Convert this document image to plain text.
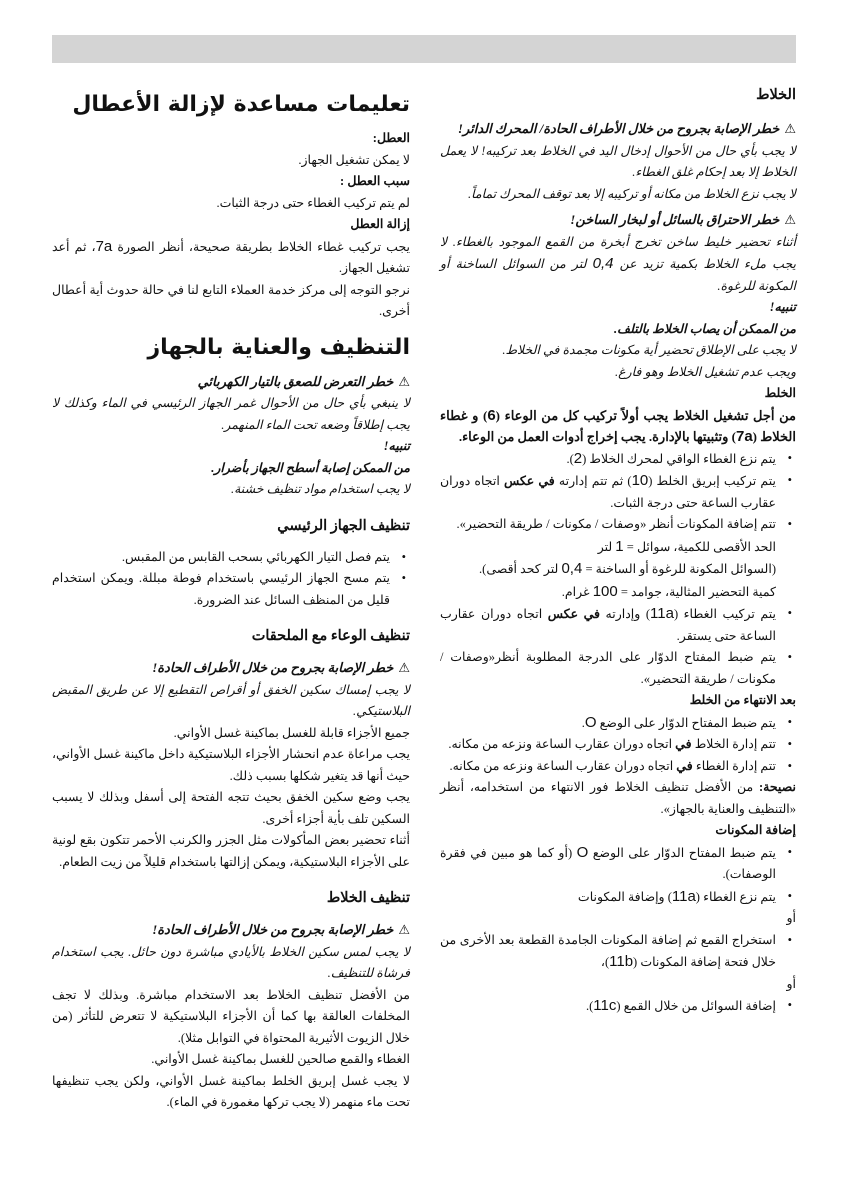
تعليمات مساعدة لإزالة الأعطال
العطل:
لا يمكن تشغيل الجهاز.
سبب العطل :
لم يتم تركيب الغطاء حتى درجة الثبات.
إزالة العطل
يجب تركيب غطاء الخلاط بطريقة صحيحة، أنظر الصورة 7a، ثم أعد تشغيل الجهاز.
نرجو التوجه إلى مركز خدمة العملاء التابع لنا في حالة حدوث أية أعطال أخرى.
التنظيف والعناية بالجهاز
⚠خطر التعرض للصعق بالتيار الكهربائي
لا ينبغي بأي حال من الأحوال غمر الجهاز الرئيسي في الماء وكذلك لا يجب إطلاقاً وضعه تحت الماء المنهمر.
تنبيه!
من الممكن إصابة أسطح الجهاز بأضرار.
لا يجب استخدام مواد تنظيف خشنة.
تنظيف الجهاز الرئيسي
• يتم فصل التيار الكهربائي بسحب القابس من المقبس.
• يتم مسح الجهاز الرئيسي باستخدام فوطة مبللة. ويمكن استخدام قليل من المنظف السائل عند الضرورة.
تنظيف الوعاء مع الملحقات
⚠خطر الإصابة بجروح من خلال الأطراف الحادة!
لا يجب إمساك سكين الخفق أو أقراص التقطيع إلا عن طريق المقبض البلاستيكي.
جميع الأجزاء قابلة للغسل بماكينة غسل الأواني.
يجب مراعاة عدم انحشار الأجزاء البلاستيكية داخل ماكينة غسل الأواني، حيث أنها قد يتغير شكلها بسبب ذلك.
يجب وضع سكين الخفق بحيث تتجه الفتحة إلى أسفل وبذلك لا يسبب السكين تلف بأية أجزاء أخرى.
أثناء تحضير بعض المأكولات مثل الجزر والكرنب الأحمر تتكون بقع لونية على الأجزاء البلاستيكية، ويمكن إزالتها باستخدام قليلاً من زيت الطعام.
تنظيف الخلاط
⚠خطر الإصابة بجروح من خلال الأطراف الحادة!
لا يجب لمس سكين الخلاط بالأيادي مباشرة دون حائل. يجب استخدام فرشاة للتنظيف.
من الأفضل تنظيف الخلاط بعد الاستخدام مباشرة. وبذلك لا تجف المخلفات العالقة بها كما أن الأجزاء البلاستيكية لا تتعرض للتأثر (من خلال الزيوت الأثيرية المحتواة في التوابل مثلا).
الغطاء والقمع صالحين للغسل بماكينة غسل الأواني.
لا يجب غسل إبريق الخلط بماكينة غسل الأواني، ولكن يجب تنظيفها تحت ماء منهمر (لا يجب تركها مغمورة في الماء).
الخلاط
⚠خطر الإصابة بجروح من خلال الأطراف الحادة/ المحرك الدائر!
لا يجب بأي حال من الأحوال إدخال اليد في الخلاط بعد تركيبه! لا يعمل الخلاط إلا بعد إحكام غلق الغطاء.
لا يجب نزع الخلاط من مكانه أو تركيبه إلا بعد توقف المحرك تماماً.
⚠خطر الاحتراق بالسائل أو لبخار الساخن!
أثناء تحضير خليط ساخن تخرج أبخرة من القمع الموجود بالغطاء. لا يجب ملء الخلاط بكمية تزيد عن 0,4 لتر من السوائل الساخنة أو المكونة للرغوة.
تنبيه!
من الممكن أن يصاب الخلاط بالتلف.
لا يجب على الإطلاق تحضير أية مكونات مجمدة في الخلاط.
ويجب عدم تشغيل الخلاط وهو فارغ.
الخلط
من أجل تشغيل الخلاط يجب أولاً تركيب كل من الوعاء (6) و غطاء الخلاط (7a) وتثبيتها بالإدارة. يجب إخراج أدوات العمل من الوعاء.
• يتم نزع الغطاء الواقي لمحرك الخلاط (2).
• يتم تركيب إبريق الخلط (10) ثم تتم إدارته في عكس اتجاه دوران عقارب الساعة حتى درجة الثبات.
• تتم إضافة المكونات أنظر «وصفات / مكونات / طريقة التحضير».
الحد الأقصى للكمية، سوائل = 1 لتر
(السوائل المكونة للرغوة أو الساخنة = 0,4 لتر كحد أقصى).
كمية التحضير المثالية، جوامد = 100 غرام.
• يتم تركيب الغطاء (11a) وإدارته في عكس اتجاه دوران عقارب الساعة حتى يستقر.
• يتم ضبط المفتاح الدوّار على الدرجة المطلوبة أنظر«وصفات / مكونات / طريقة التحضير».
بعد الانتهاء من الخلط
• يتم ضبط المفتاح الدوّار على الوضع O.
• تتم إدارة الخلاط في اتجاه دوران عقارب الساعة ونزعه من مكانه.
• تتم إدارة الغطاء في اتجاه دوران عقارب الساعة ونزعه من مكانه.
نصيحة: من الأفضل تنظيف الخلاط فور الانتهاء من استخدامه، أنظر «التنظيف والعناية بالجهاز».
إضافة المكونات
• يتم ضبط المفتاح الدوّار على الوضع O (أو كما هو مبين في فقرة الوصفات).
• يتم نزع الغطاء (11a) وإضافة المكونات
أو
• استخراج القمع ثم إضافة المكونات الجامدة القطعة بعد الأخرى من خلال فتحة إضافة المكونات (11b)،
أو
• إضافة السوائل من خلال القمع (11c).
